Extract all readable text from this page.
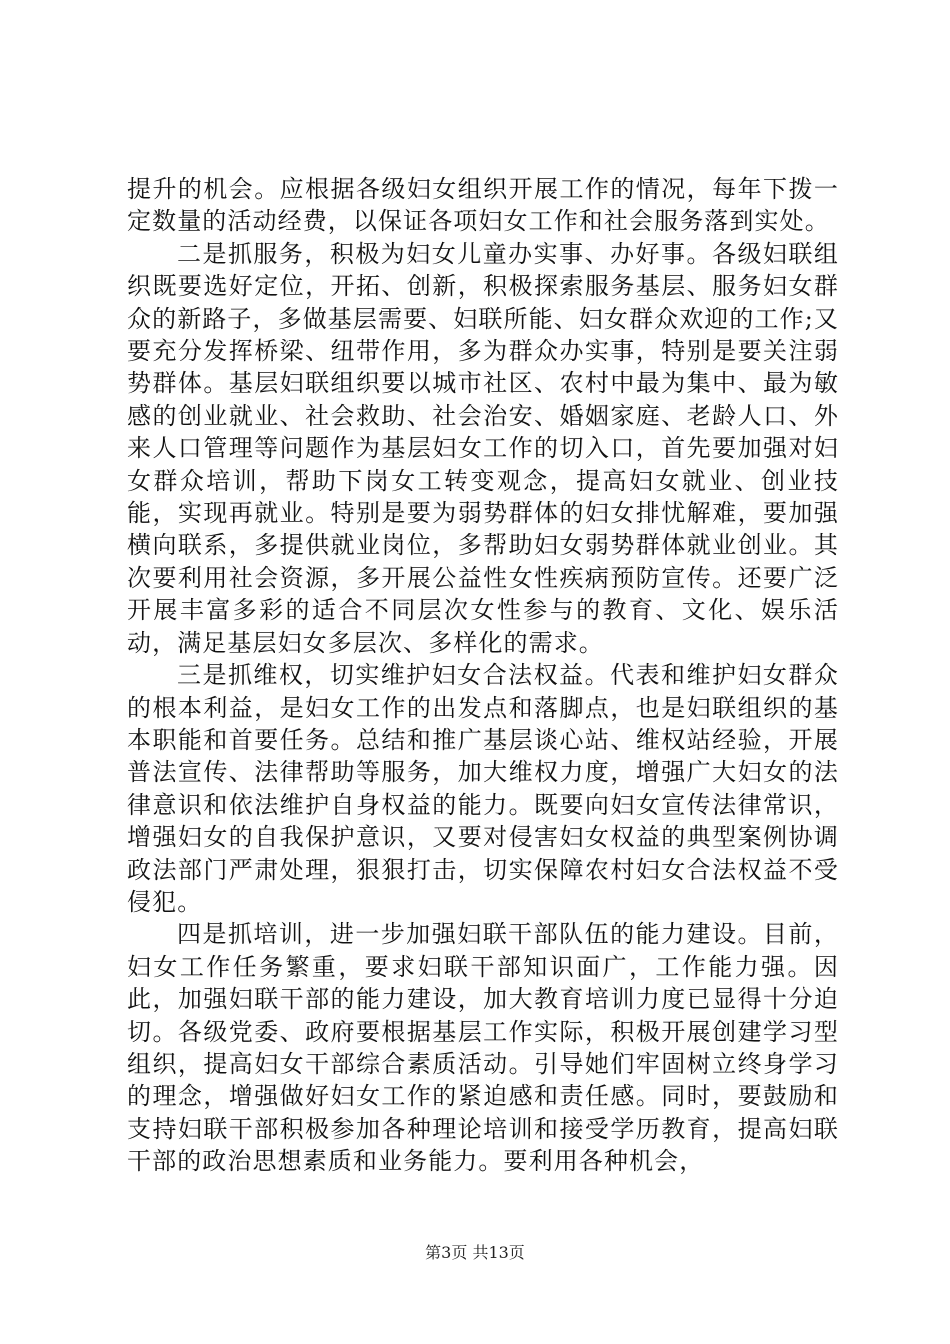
提升的机会。应根据各级妇女组织开展工作的情况，每年下拨一定数量的活动经费，以保证各项妇女工作和社会服务落到实处。

二是抓服务，积极为妇女儿童办实事、办好事。各级妇联组织既要选好定位，开拓、创新，积极探索服务基层、服务妇女群众的新路子，多做基层需要、妇联所能、妇女群众欢迎的工作;又要充分发挥桥梁、纽带作用，多为群众办实事，特别是要关注弱势群体。基层妇联组织要以城市社区、农村中最为集中、最为敏感的创业就业、社会救助、社会治安、婚姻家庭、老龄人口、外来人口管理等问题作为基层妇女工作的切入口，首先要加强对妇女群众培训，帮助下岗女工转变观念，提高妇女就业、创业技能，实现再就业。特别是要为弱势群体的妇女排忧解难，要加强横向联系，多提供就业岗位，多帮助妇女弱势群体就业创业。其次要利用社会资源，多开展公益性女性疾病预防宣传。还要广泛开展丰富多彩的适合不同层次女性参与的教育、文化、娱乐活动，满足基层妇女多层次、多样化的需求。

三是抓维权，切实维护妇女合法权益。代表和维护妇女群众的根本利益，是妇女工作的出发点和落脚点，也是妇联组织的基本职能和首要任务。总结和推广基层谈心站、维权站经验，开展普法宣传、法律帮助等服务，加大维权力度，增强广大妇女的法律意识和依法维护自身权益的能力。既要向妇女宣传法律常识，增强妇女的自我保护意识，又要对侵害妇女权益的典型案例协调政法部门严肃处理，狠狠打击，切实保障农村妇女合法权益不受侵犯。

四是抓培训，进一步加强妇联干部队伍的能力建设。目前，妇女工作任务繁重，要求妇联干部知识面广，工作能力强。因此，加强妇联干部的能力建设，加大教育培训力度已显得十分迫切。各级党委、政府要根据基层工作实际，积极开展创建学习型组织，提高妇女干部综合素质活动。引导她们牢固树立终身学习的理念，增强做好妇女工作的紧迫感和责任感。同时，要鼓励和支持妇联干部积极参加各种理论培训和接受学历教育，提高妇联干部的政治思想素质和业务能力。要利用各种机会，

第3页 共13页
